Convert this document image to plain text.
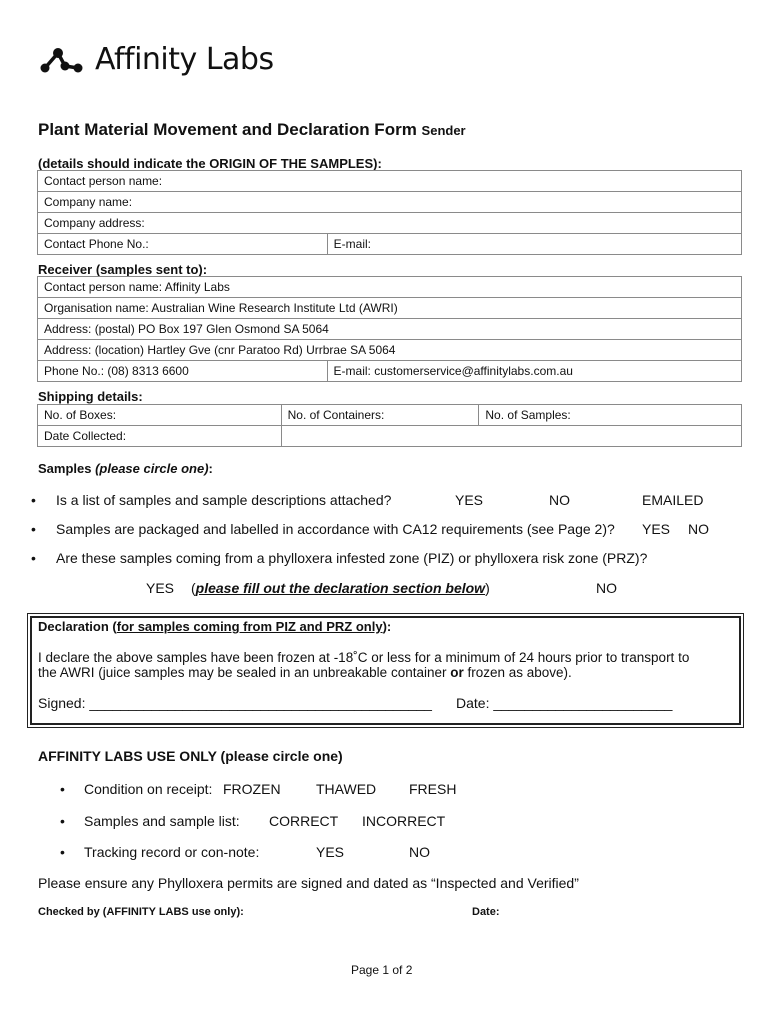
Affinity Labs
Plant Material Movement and Declaration Form Sender
(details should indicate the ORIGIN OF THE SAMPLES):
Contact person name:
Company name:
Company address:
Contact Phone No.:	E-mail:
Receiver (samples sent to):
Contact person name: Affinity Labs
Organisation name: Australian Wine Research Institute Ltd (AWRI)
Address: (postal) PO Box 197 Glen Osmond SA 5064
Address: (location) Hartley Gve (cnr Paratoo Rd) Urrbrae SA 5064
Phone No.: (08) 8313 6600	E-mail: customerservice@affinitylabs.com.au
Shipping details:
No. of Boxes:	No. of Containers:	No. of Samples:
Date Collected:		
Samples (please circle one):
• Is a list of samples and sample descriptions attached?	YES	NO	EMAILED
• Samples are packaged and labelled in accordance with CA12 requirements (see Page 2)? YES NO
• Are these samples coming from a phylloxera infested zone (PIZ) or phylloxera risk zone (PRZ)?
YES (please fill out the declaration section below)	NO
Declaration (for samples coming from PIZ and PRZ only):
I declare the above samples have been frozen at -18˚C or less for a minimum of 24 hours prior to transport to
the AWRI (juice samples may be sealed in an unbreakable container or frozen as above).
Signed: ____________________________________________ Date: _______________________
AFFINITY LABS USE ONLY (please circle one)
• Condition on receipt: FROZEN	THAWED FRESH
• Samples and sample list: CORRECT INCORRECT
• Tracking record or con-note:	YES	NO
Please ensure any Phylloxera permits are signed and dated as “Inspected and Verified”
Checked by (AFFINITY LABS use only):	Date:
Page 1 of 2
